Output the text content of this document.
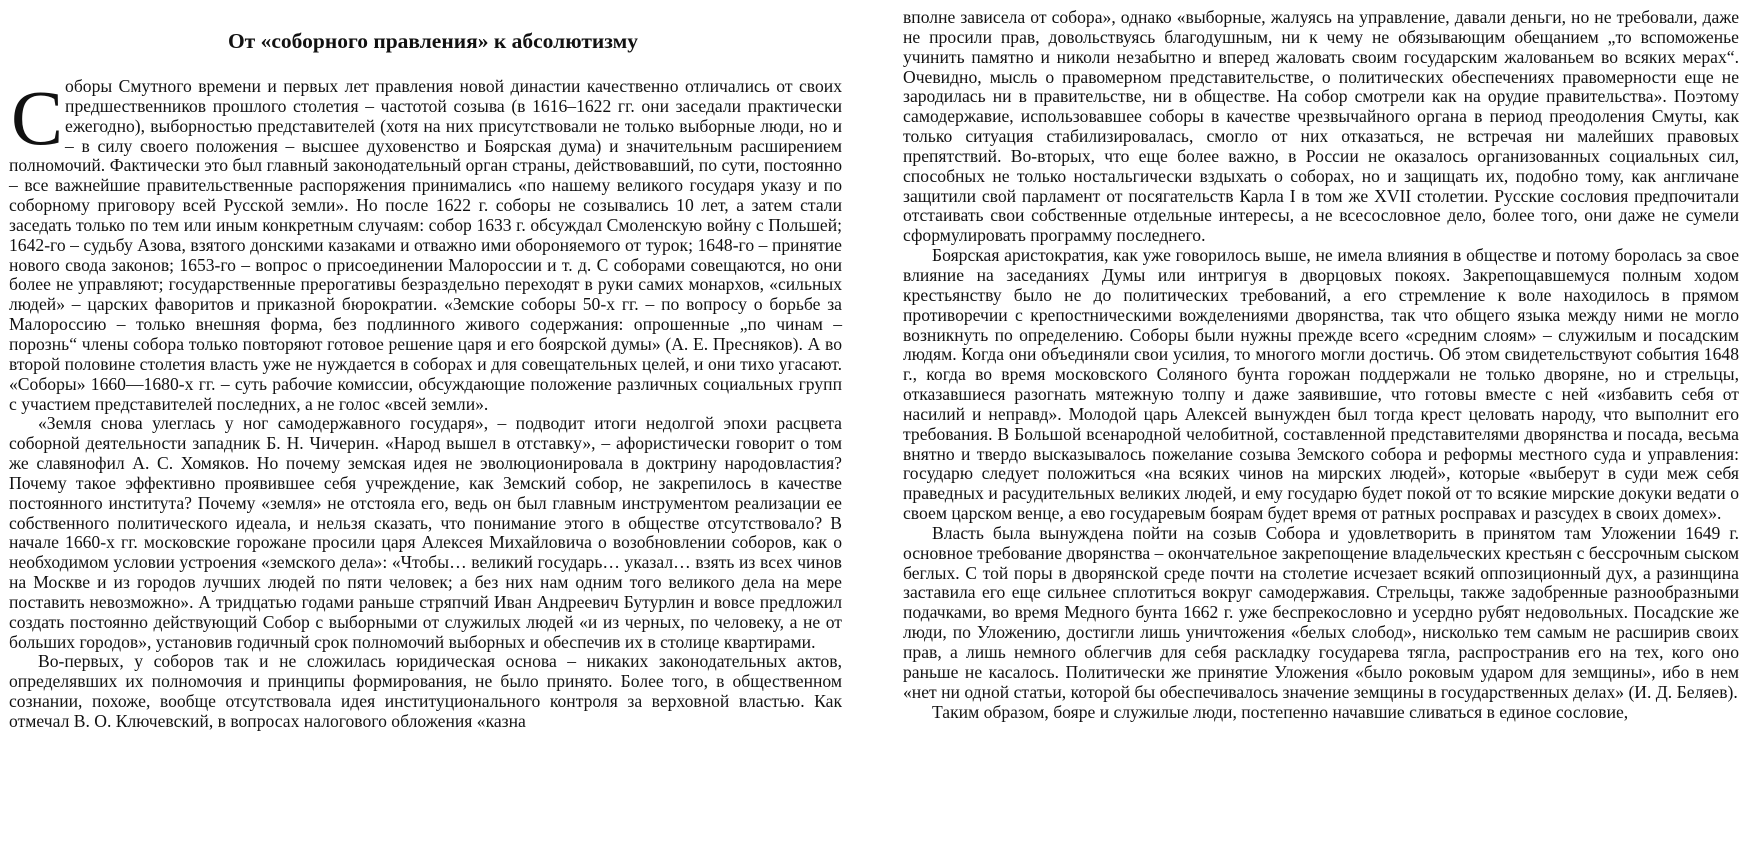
От «соборного правления» к абсолютизму

Соборы Смутного времени и первых лет правления новой династии качественно отличались от своих предшественников прошлого столетия – частотой созыва (в 1616–1622 гг. они заседали практически ежегодно), выборностью представителей (хотя на них присутствовали не только выборные люди, но и – в силу своего положения – высшее духовенство и Боярская дума) и значительным расширением полномочий. Фактически это был главный законодательный орган страны, действовавший, по сути, постоянно – все важнейшие правительственные распоряжения принимались «по нашему великого государя указу и по соборному приговору всей Русской земли». Но после 1622 г. соборы не созывались 10 лет, а затем стали заседать только по тем или иным конкретным случаям: собор 1633 г. обсуждал Смоленскую войну с Польшей; 1642-го – судьбу Азова, взятого донскими казаками и отважно ими обороняемого от турок; 1648-го – принятие нового свода законов; 1653-го – вопрос о присоединении Малороссии и т. д. С соборами совещаются, но они более не управляют; государственные прерогативы безраздельно переходят в руки самих монархов, «сильных людей» – царских фаворитов и приказной бюрократии. «Земские соборы 50-х гг. – по вопросу о борьбе за Малороссию – только внешняя форма, без подлинного живого содержания: опрошенные „по чинам – порознь“ члены собора только повторяют готовое решение царя и его боярской думы» (А. Е. Пресняков). А во второй половине столетия власть уже не нуждается в соборах и для совещательных целей, и они тихо угасают. «Соборы» 1660—1680-х гг. – суть рабочие комиссии, обсуждающие положение различных социальных групп с участием представителей последних, а не голос «всей земли».

«Земля снова улеглась у ног самодержавного государя», – подводит итоги недолгой эпохи расцвета соборной деятельности западник Б. Н. Чичерин. «Народ вышел в отставку», – афористически говорит о том же славянофил А. С. Хомяков. Но почему земская идея не эволюционировала в доктрину народовластия? Почему такое эффективно проявившее себя учреждение, как Земский собор, не закрепилось в качестве постоянного института? Почему «земля» не отстояла его, ведь он был главным инструментом реализации ее собственного политического идеала, и нельзя сказать, что понимание этого в обществе отсутствовало? В начале 1660-х гг. московские горожане просили царя Алексея Михайловича о возобновлении соборов, как о необходимом условии устроения «земского дела»: «Чтобы… великий государь… указал… взять из всех чинов на Москве и из городов лучших людей по пяти человек; а без них нам одним того великого дела на мере поставить невозможно». А тридцатью годами раньше стряпчий Иван Андреевич Бутурлин и вовсе предложил создать постоянно действующий Собор с выборными от служилых людей «и из черных, по человеку, а не от больших городов», установив годичный срок полномочий выборных и обеспечив их в столице квартирами.

Во-первых, у соборов так и не сложилась юридическая основа – никаких законодательных актов, определявших их полномочия и принципы формирования, не было принято. Более того, в общественном сознании, похоже, вообще отсутствовала идея институционального контроля за верховной властью. Как отмечал В. О. Ключевский, в вопросах налогового обложения «казна

вполне зависела от собора», однако «выборные, жалуясь на управление, давали деньги, но не требовали, даже не просили прав, довольствуясь благодушным, ни к чему не обязывающим обещанием „то вспоможенье учинить памятно и николи незабытно и вперед жаловать своим государским жалованьем во всяких мерах“. Очевидно, мысль о правомерном представительстве, о политических обеспечениях правомерности еще не зародилась ни в правительстве, ни в обществе. На собор смотрели как на орудие правительства». Поэтому самодержавие, использовавшее соборы в качестве чрезвычайного органа в период преодоления Смуты, как только ситуация стабилизировалась, смогло от них отказаться, не встречая ни малейших правовых препятствий. Во-вторых, что еще более важно, в России не оказалось организованных социальных сил, способных не только ностальгически вздыхать о соборах, но и защищать их, подобно тому, как англичане защитили свой парламент от посягательств Карла I в том же XVII столетии. Русские сословия предпочитали отстаивать свои собственные отдельные интересы, а не всесословное дело, более того, они даже не сумели сформулировать программу последнего.

Боярская аристократия, как уже говорилось выше, не имела влияния в обществе и потому боролась за свое влияние на заседаниях Думы или интригуя в дворцовых покоях. Закрепощавшемуся полным ходом крестьянству было не до политических требований, а его стремление к воле находилось в прямом противоречии с крепостническими вожделениями дворянства, так что общего языка между ними не могло возникнуть по определению. Соборы были нужны прежде всего «средним слоям» – служилым и посадским людям. Когда они объединяли свои усилия, то многого могли достичь. Об этом свидетельствуют события 1648 г., когда во время московского Соляного бунта горожан поддержали не только дворяне, но и стрельцы, отказавшиеся разогнать мятежную толпу и даже заявившие, что готовы вместе с ней «избавить себя от насилий и неправд». Молодой царь Алексей вынужден был тогда крест целовать народу, что выполнит его требования. В Большой всенародной челобитной, составленной представителями дворянства и посада, весьма внятно и твердо высказывалось пожелание созыва Земского собора и реформы местного суда и управления: государю следует положиться «на всяких чинов на мирских людей», которые «выберут в суди меж себя праведных и расудительных великих людей, и ему государю будет покой от то всякие мирские докуки ведати о своем царском венце, а ево государевым боярам будет время от ратных росправах и разсудех в своих домех».

Власть была вынуждена пойти на созыв Собора и удовлетворить в принятом там Уложении 1649 г. основное требование дворянства – окончательное закрепощение владельческих крестьян с бессрочным сыском беглых. С той поры в дворянской среде почти на столетие исчезает всякий оппозиционный дух, а разинщина заставила его еще сильнее сплотиться вокруг самодержавия. Стрельцы, также задобренные разнообразными подачками, во время Медного бунта 1662 г. уже беспрекословно и усердно рубят недовольных. Посадские же люди, по Уложению, достигли лишь уничтожения «белых слобод», нисколько тем самым не расширив своих прав, а лишь немного облегчив для себя раскладку государева тягла, распространив его на тех, кого оно раньше не касалось. Политически же принятие Уложения «было роковым ударом для земщины», ибо в нем «нет ни одной статьи, которой бы обеспечивалось значение земщины в государственных делах» (И. Д. Беляев).

Таким образом, бояре и служилые люди, постепенно начавшие сливаться в единое сословие,
